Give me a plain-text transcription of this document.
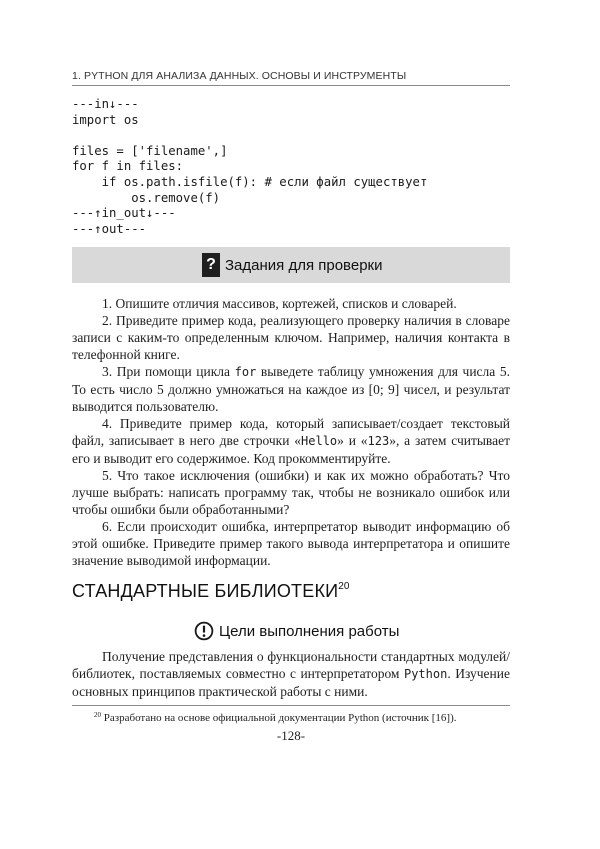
1. PYTHON ДЛЯ АНАЛИЗА ДАННЫХ. ОСНОВЫ И ИНСТРУМЕНТЫ
---in↓---
import os

files = ['filename',]
for f in files:
if os.path.isfile(f): # если файл существует
os.remove(f)
---↑in_out↓---
---↑out---
? Задания для проверки

1. Опишите отличия массивов, кортежей, списков и словарей.

2. Приведите пример кода, реализующего проверку наличия в словаре записи с каким-то определенным ключом. Например, наличия контакта в телефонной книге.

3. При помощи цикла for выведете таблицу умножения для числа 5. То есть число 5 должно умножаться на каждое из [0; 9] чисел, и результат выводится пользователю.

4. Приведите пример кода, который записывает/создает текстовый файл, записывает в него две строчки «Hello» и «123», а затем считывает его и выводит его содержимое. Код прокомментируйте.

5. Что такое исключения (ошибки) и как их можно обработать? Что лучше выбрать: написать программу так, чтобы не возникало ошибок или чтобы ошибки были обработанными?

6. Если происходит ошибка, интерпретатор выводит информацию об этой ошибке. Приведите пример такого вывода интерпретатора и опишите значение выводимой информации.

СТАНДАРТНЫЕ БИБЛИОТЕКИ$^{20}$
Цели выполнения работы

Получение представления о функциональности стандартных модулей/библиотек, поставляемых совместно с интерпретатором Python. Изучение основных принципов практической работы с ними.

$^{20}$ Разработано на основе официальной документации Python (источник [16]).
-128-
